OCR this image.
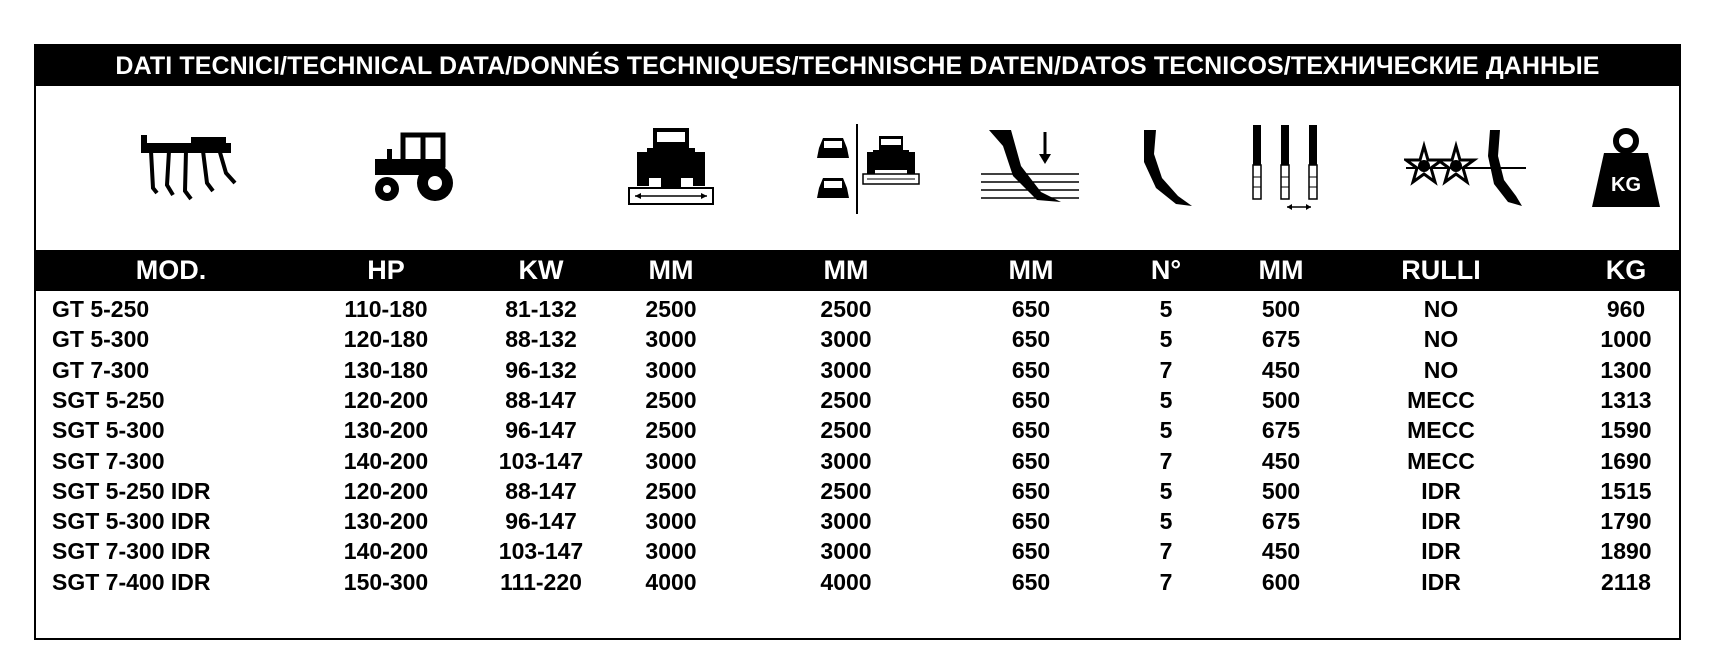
DATI TECNICI/TECHNICAL DATA/DONNÉS TECHNIQUES/TECHNISCHE DATEN/DATOS TECNICOS/ТЕХНИЧЕСКИЕ ДАННЫЕ
KG
MOD.	HP	KW	MM	MM	MM	N°	MM	RULLI	KG
GT 5-250	110-180	81-132	2500	2500	650	5	500	NO	960
GT 5-300	120-180	88-132	3000	3000	650	5	675	NO	1000
GT 7-300	130-180	96-132	3000	3000	650	7	450	NO	1300
SGT 5-250	120-200	88-147	2500	2500	650	5	500	MECC	1313
SGT 5-300	130-200	96-147	2500	2500	650	5	675	MECC	1590
SGT 7-300	140-200	103-147	3000	3000	650	7	450	MECC	1690
SGT 5-250 IDR	120-200	88-147	2500	2500	650	5	500	IDR	1515
SGT 5-300 IDR	130-200	96-147	3000	3000	650	5	675	IDR	1790
SGT 7-300 IDR	140-200	103-147	3000	3000	650	7	450	IDR	1890
SGT 7-400 IDR	150-300	111-220	4000	4000	650	7	600	IDR	2118
